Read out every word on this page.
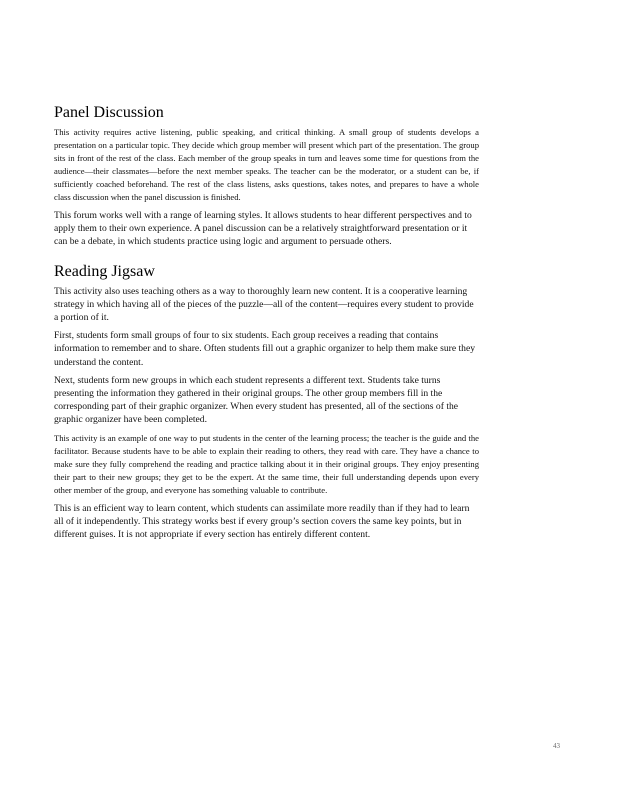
Panel Discussion

This activity requires active listening, public speaking, and critical thinking. A small group of students develops a presentation on a particular topic. They decide which group member will present which part of the presentation. The group sits in front of the rest of the class. Each member of the group speaks in turn and leaves some time for questions from the audience—their classmates—before the next member speaks. The teacher can be the moderator, or a student can be, if sufficiently coached beforehand. The rest of the class listens, asks questions, takes notes, and prepares to have a whole class discussion when the panel discussion is finished.

This forum works well with a range of learning styles. It allows students to hear different perspectives and to apply them to their own experience. A panel discussion can be a relatively straightforward presentation or it can be a debate, in which students practice using logic and argument to persuade others.

Reading Jigsaw

This activity also uses teaching others as a way to thoroughly learn new content. It is a cooperative learning strategy in which having all of the pieces of the puzzle—all of the content—requires every student to provide a portion of it.

First, students form small groups of four to six students. Each group receives a reading that contains information to remember and to share. Often students fill out a graphic organizer to help them make sure they understand the content.

Next, students form new groups in which each student represents a different text. Students take turns presenting the information they gathered in their original groups. The other group members fill in the corresponding part of their graphic organizer. When every student has presented, all of the sections of the graphic organizer have been completed.

This activity is an example of one way to put students in the center of the learning process; the teacher is the guide and the facilitator. Because students have to be able to explain their reading to others, they read with care. They have a chance to make sure they fully comprehend the reading and practice talking about it in their original groups. They enjoy presenting their part to their new groups; they get to be the expert. At the same time, their full understanding depends upon every other member of the group, and everyone has something valuable to contribute.

This is an efficient way to learn content, which students can assimilate more readily than if they had to learn all of it independently. This strategy works best if every group’s section covers the same key points, but in different guises. It is not appropriate if every section has entirely different content.

43
